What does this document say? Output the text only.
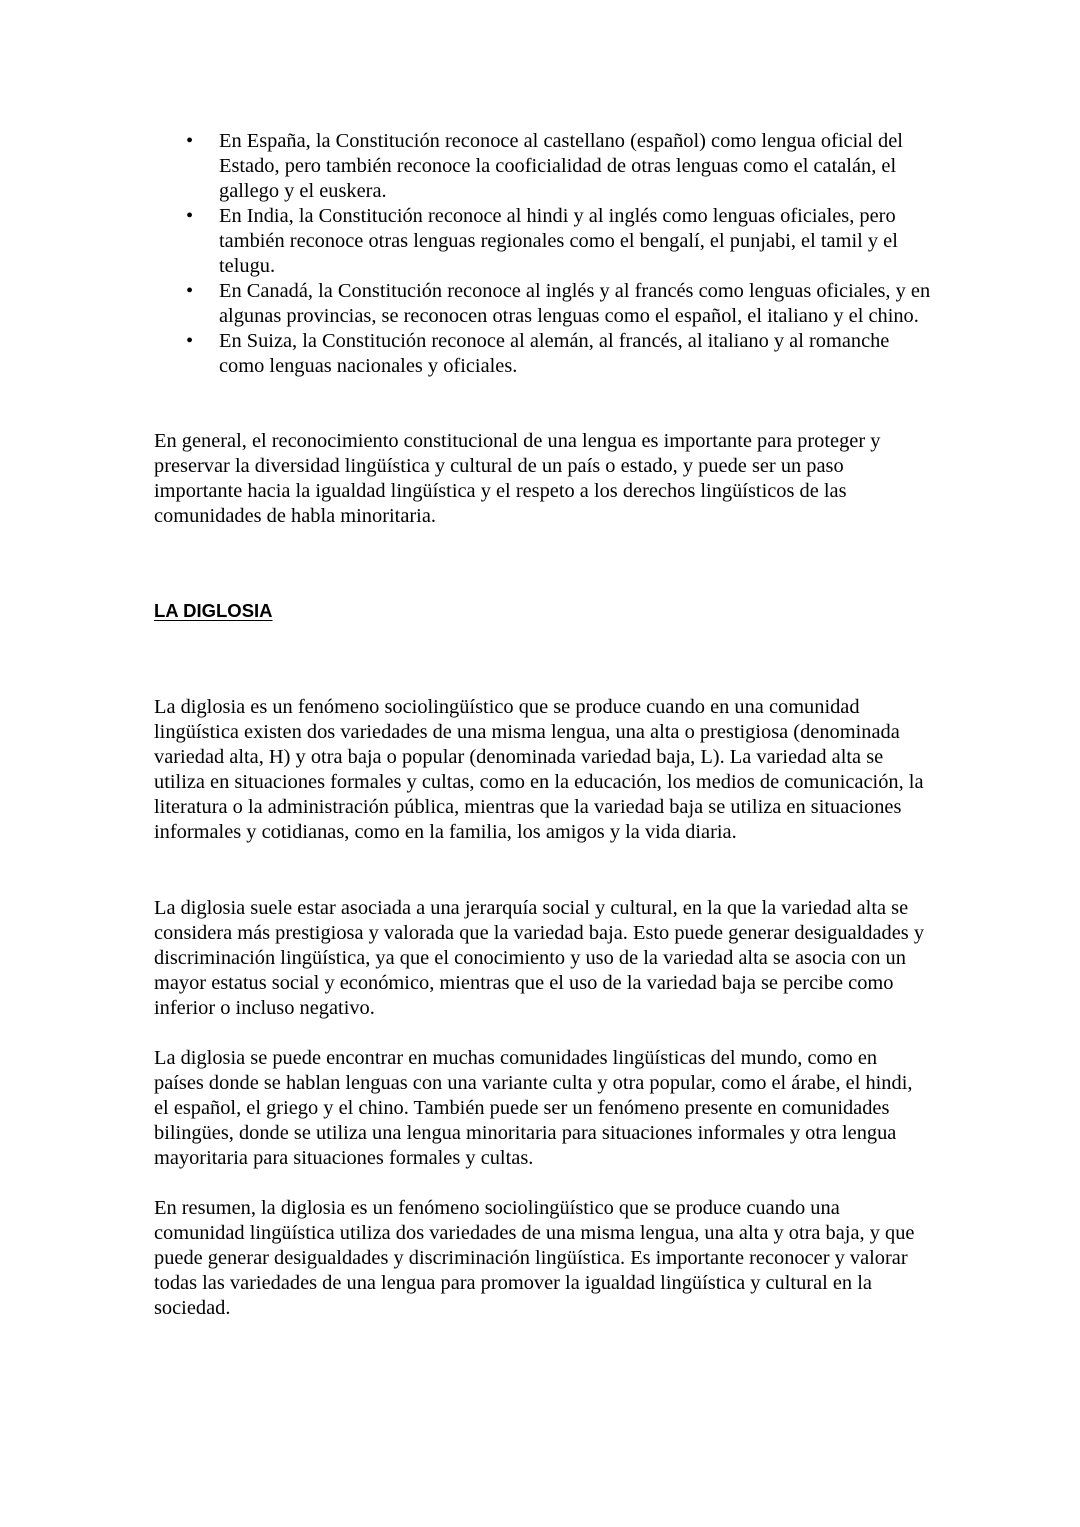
• En España, la Constitución reconoce al castellano (español) como lengua oficial del Estado, pero también reconoce la cooficialidad de otras lenguas como el catalán, el gallego y el euskera.
• En India, la Constitución reconoce al hindi y al inglés como lenguas oficiales, pero también reconoce otras lenguas regionales como el bengalí, el punjabi, el tamil y el telugu.
• En Canadá, la Constitución reconoce al inglés y al francés como lenguas oficiales, y en algunas provincias, se reconocen otras lenguas como el español, el italiano y el chino.
• En Suiza, la Constitución reconoce al alemán, al francés, al italiano y al romanche como lenguas nacionales y oficiales.

En general, el reconocimiento constitucional de una lengua es importante para proteger y preservar la diversidad lingüística y cultural de un país o estado, y puede ser un paso importante hacia la igualdad lingüística y el respeto a los derechos lingüísticos de las comunidades de habla minoritaria.

LA DIGLOSIA

La diglosia es un fenómeno sociolingüístico que se produce cuando en una comunidad lingüística existen dos variedades de una misma lengua, una alta o prestigiosa (denominada variedad alta, H) y otra baja o popular (denominada variedad baja, L). La variedad alta se utiliza en situaciones formales y cultas, como en la educación, los medios de comunicación, la literatura o la administración pública, mientras que la variedad baja se utiliza en situaciones informales y cotidianas, como en la familia, los amigos y la vida diaria.

La diglosia suele estar asociada a una jerarquía social y cultural, en la que la variedad alta se considera más prestigiosa y valorada que la variedad baja. Esto puede generar desigualdades y discriminación lingüística, ya que el conocimiento y uso de la variedad alta se asocia con un mayor estatus social y económico, mientras que el uso de la variedad baja se percibe como inferior o incluso negativo.

La diglosia se puede encontrar en muchas comunidades lingüísticas del mundo, como en países donde se hablan lenguas con una variante culta y otra popular, como el árabe, el hindi, el español, el griego y el chino. También puede ser un fenómeno presente en comunidades bilingües, donde se utiliza una lengua minoritaria para situaciones informales y otra lengua mayoritaria para situaciones formales y cultas.

En resumen, la diglosia es un fenómeno sociolingüístico que se produce cuando una comunidad lingüística utiliza dos variedades de una misma lengua, una alta y otra baja, y que puede generar desigualdades y discriminación lingüística. Es importante reconocer y valorar todas las variedades de una lengua para promover la igualdad lingüística y cultural en la sociedad.
